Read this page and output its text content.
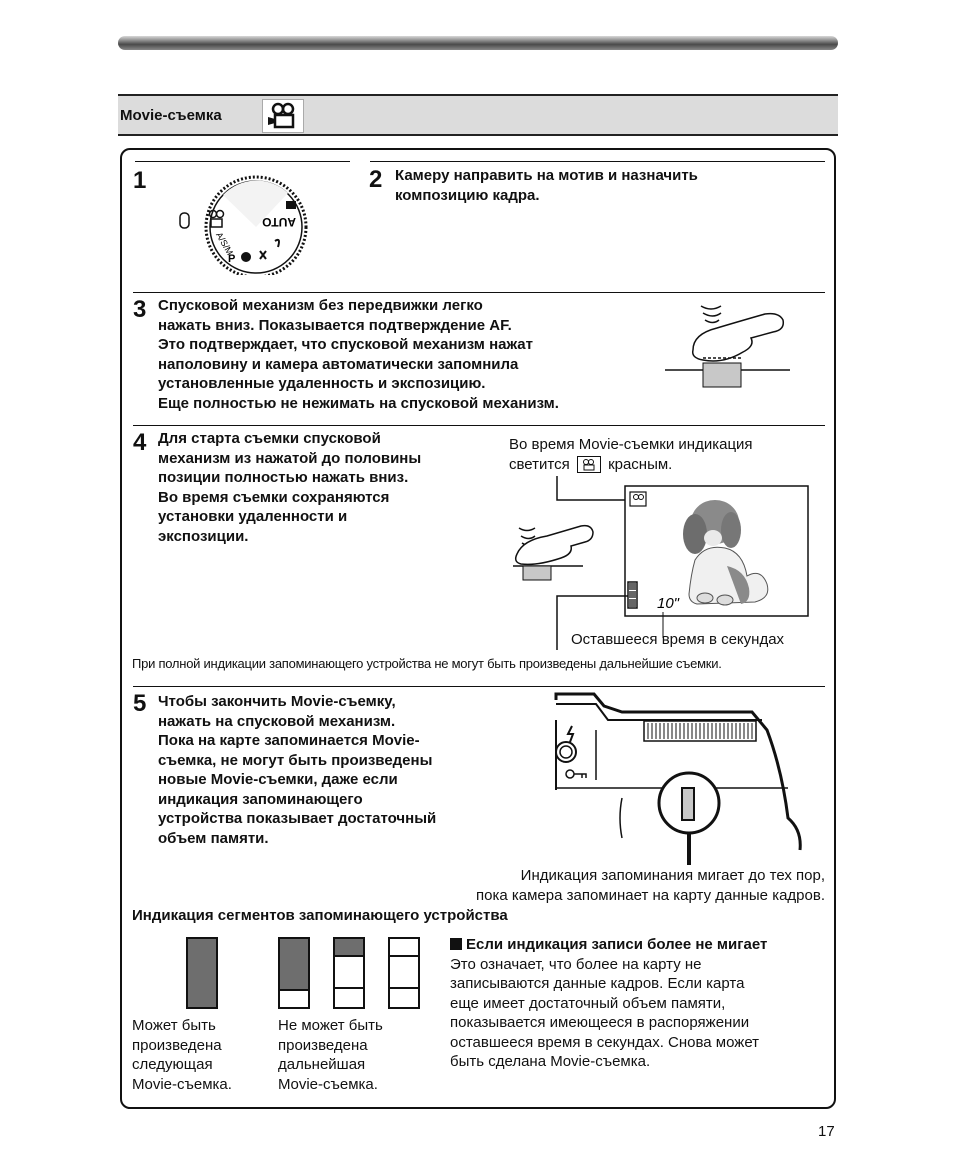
Movie-съемка
1
AUTO
A/S/M
P
2 Камеру направить на мотив и назначить композицию кадра.
3 Спусковой механизм без передвижки легко
нажать вниз. Показывается подтверждение AF.
Это подтверждает, что спусковой механизм нажат
наполовину и камера автоматически запомнила
установленные удаленность и экспозицию.
Еще полностью не нежимать на спусковой механизм.
4 Для старта съемки спусковой
механизм из нажатой до половины
позиции полностью нажать вниз.
Во время съемки сохраняются
установки удаленности и
экспозиции.
Во время Movie-съемки индикация
светится	красным.
10"
Оставшееся время в секундах
При полной индикации запоминающего устройства не могут быть произведены дальнейшие съемки.
5 Чтобы закончить Movie-съемку,
нажать на спусковой механизм.
Пока на карте запоминается Movie-
съемка, не могут быть произведены
новые Movie-съемки, даже если
индикация запоминающего
устройства показывает достаточный
объем памяти.
Индикация запоминания мигает до тех пор,
пока камера запоминает на карту данные кадров.
Индикация сегментов запоминающего устройства
Может быть
произведена
следующая
Movie-съемка.
Не может быть
произведена
дальнейшая
Movie-съемка.
Если индикация записи более не мигает
Это означает, что более на карту не
записываются данные кадров. Если карта
еще имеет достаточный объем памяти,
показывается имеющееся в распоряжении
оставшееся время в секундах. Снова может
быть сделана Movie-съемка.
17
